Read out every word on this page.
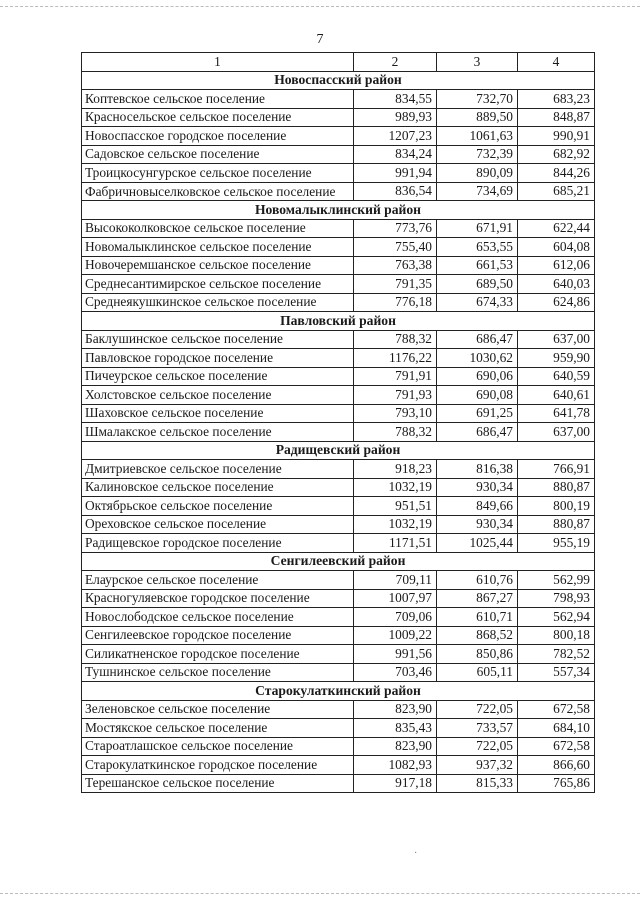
7
1	2	3	4
Новоспасский район			
Коптевское сельское поселение	834,55	732,70	683,23
Красносельское сельское поселение	989,93	889,50	848,87
Новоспасское городское поселение	1207,23	1061,63	990,91
Садовское сельское поселение	834,24	732,39	682,92
Троицкосунгурское сельское поселение	991,94	890,09	844,26
Фабричновыселковское сельское поселение	836,54	734,69	685,21
Новомалыклинский район			
Высококолковское сельское поселение	773,76	671,91	622,44
Новомалыклинское сельское поселение	755,40	653,55	604,08
Новочеремшанское сельское поселение	763,38	661,53	612,06
Среднесантимирское сельское поселение	791,35	689,50	640,03
Среднеякушкинское сельское поселение	776,18	674,33	624,86
Павловский район			
Баклушинское сельское поселение	788,32	686,47	637,00
Павловское городское поселение	1176,22	1030,62	959,90
Пичеурское сельское поселение	791,91	690,06	640,59
Холстовское сельское поселение	791,93	690,08	640,61
Шаховское сельское поселение	793,10	691,25	641,78
Шмалакское сельское поселение	788,32	686,47	637,00
Радищевский район			
Дмитриевское сельское поселение	918,23	816,38	766,91
Калиновское сельское поселение	1032,19	930,34	880,87
Октябрьское сельское поселение	951,51	849,66	800,19
Ореховское сельское поселение	1032,19	930,34	880,87
Радищевское городское поселение	1171,51	1025,44	955,19
Сенгилеевский район			
Елаурское сельское поселение	709,11	610,76	562,99
Красногуляевское городское поселение	1007,97	867,27	798,93
Новослободское сельское поселение	709,06	610,71	562,94
Сенгилеевское городское поселение	1009,22	868,52	800,18
Силикатненское городское поселение	991,56	850,86	782,52
Тушнинское сельское поселение	703,46	605,11	557,34
Старокулаткинский район			
Зеленовское сельское поселение	823,90	722,05	672,58
Мостякское сельское поселение	835,43	733,57	684,10
Староатлашское сельское поселение	823,90	722,05	672,58
Старокулаткинское городское поселение	1082,93	937,32	866,60
Терешанское сельское поселение	917,18	815,33	765,86
·
